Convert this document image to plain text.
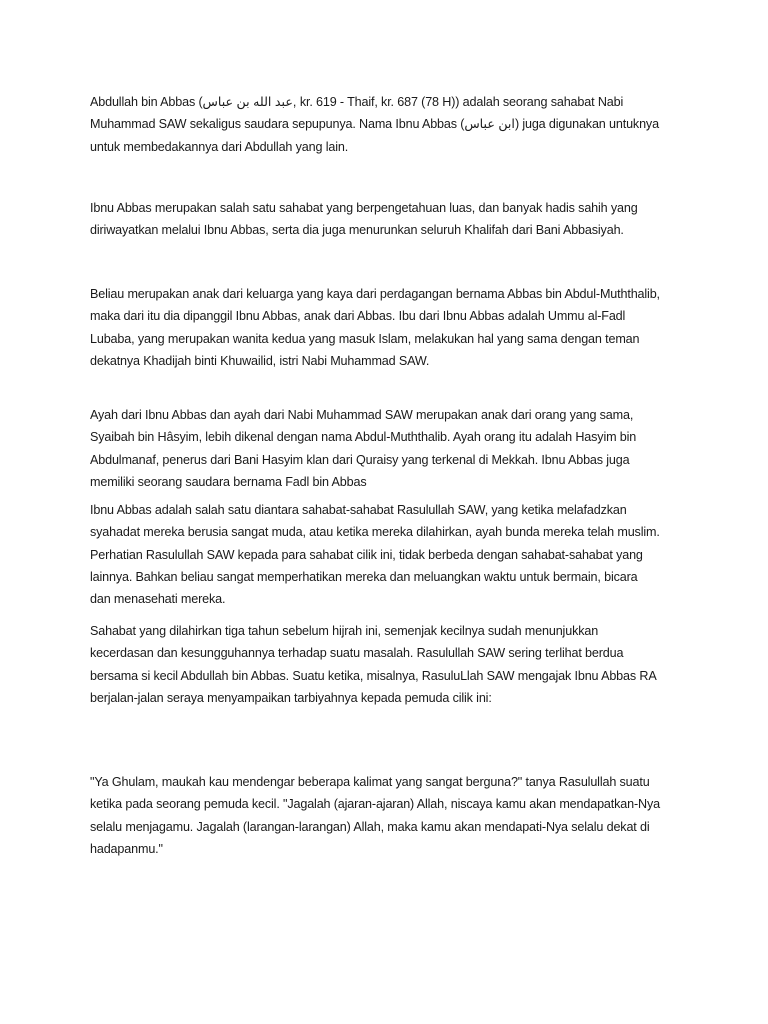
Abdullah bin Abbas (عبد الله بن عباس, kr. 619 - Thaif, kr. 687 (78 H)) adalah seorang sahabat Nabi
Muhammad SAW sekaligus saudara sepupunya. Nama Ibnu Abbas (ابن عباس) juga digunakan untuknya
untuk membedakannya dari Abdullah yang lain.
Ibnu Abbas merupakan salah satu sahabat yang berpengetahuan luas, dan banyak hadis sahih yang
diriwayatkan melalui Ibnu Abbas, serta dia juga menurunkan seluruh Khalifah dari Bani Abbasiyah.
Beliau merupakan anak dari keluarga yang kaya dari perdagangan bernama Abbas bin Abdul-Muththalib,
maka dari itu dia dipanggil Ibnu Abbas, anak dari Abbas. Ibu dari Ibnu Abbas adalah Ummu al-Fadl
Lubaba, yang merupakan wanita kedua yang masuk Islam, melakukan hal yang sama dengan teman
dekatnya Khadijah binti Khuwailid, istri Nabi Muhammad SAW.
Ayah dari Ibnu Abbas dan ayah dari Nabi Muhammad SAW merupakan anak dari orang yang sama,
Syaibah bin Hâsyim, lebih dikenal dengan nama Abdul-Muththalib. Ayah orang itu adalah Hasyim bin
Abdulmanaf, penerus dari Bani Hasyim klan dari Quraisy yang terkenal di Mekkah. Ibnu Abbas juga
memiliki seorang saudara bernama Fadl bin Abbas
Ibnu Abbas adalah salah satu diantara sahabat-sahabat Rasulullah SAW, yang ketika melafadzkan
syahadat mereka berusia sangat muda, atau ketika mereka dilahirkan, ayah bunda mereka telah muslim.
Perhatian Rasulullah SAW kepada para sahabat cilik ini, tidak berbeda dengan sahabat-sahabat yang
lainnya. Bahkan beliau sangat memperhatikan mereka dan meluangkan waktu untuk bermain, bicara
dan menasehati mereka.
Sahabat yang dilahirkan tiga tahun sebelum hijrah ini, semenjak kecilnya sudah menunjukkan
kecerdasan dan kesungguhannya terhadap suatu masalah. Rasulullah SAW sering terlihat berdua
bersama si kecil Abdullah bin Abbas. Suatu ketika, misalnya, RasuluLlah SAW mengajak Ibnu Abbas RA
berjalan-jalan seraya menyampaikan tarbiyahnya kepada pemuda cilik ini:
"Ya Ghulam, maukah kau mendengar beberapa kalimat yang sangat berguna?" tanya Rasulullah suatu
ketika pada seorang pemuda kecil. "Jagalah (ajaran-ajaran) Allah, niscaya kamu akan mendapatkan-Nya
selalu menjagamu. Jagalah (larangan-larangan) Allah, maka kamu akan mendapati-Nya selalu dekat di
hadapanmu."
